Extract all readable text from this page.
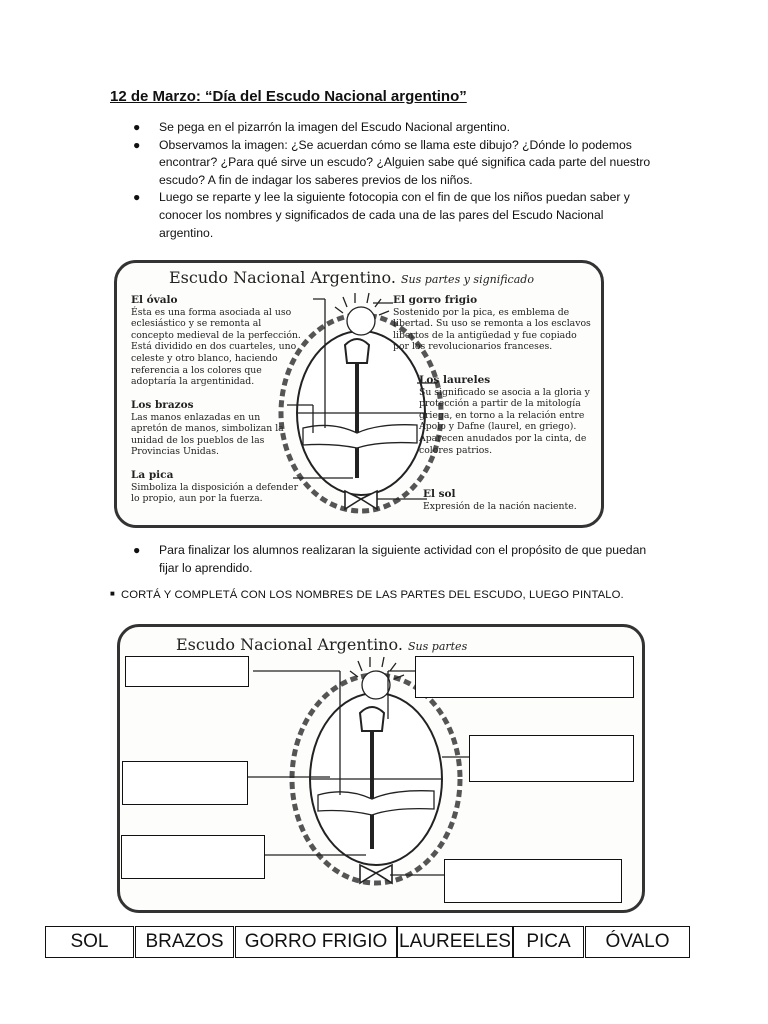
12 de Marzo: “Día del Escudo Nacional argentino”
● Se pega en el pizarrón la imagen del Escudo Nacional argentino.
● Observamos la imagen: ¿Se acuerdan cómo se llama este dibujo? ¿Dónde lo podemos encontrar? ¿Para qué sirve un escudo? ¿Alguien sabe qué significa cada parte del nuestro escudo? A fin de indagar los saberes previos de los niños.
● Luego se reparte y lee la siguiente fotocopia con el fin de que los niños puedan saber y conocer los nombres y significados de cada una de las pares del Escudo Nacional argentino.
Escudo Nacional Argentino. Sus partes y significado
El óvalo
Ésta es una forma asociada al uso eclesiástico y se remonta al concepto medieval de la perfección. Está dividido en dos cuarteles, uno celeste y otro blanco, haciendo referencia a los colores que adoptaría la argentinidad.
Los brazos
Las manos enlazadas en un apretón de manos, simbolizan la unidad de los pueblos de las Provincias Unidas.
La pica
Simboliza la disposición a defender lo propio, aun por la fuerza.
El gorro frigio
Sostenido por la pica, es emblema de libertad. Su uso se remonta a los esclavos libertos de la antigüedad y fue copiado por los revolucionarios franceses.
Los laureles
Su significado se asocia a la gloria y protección a partir de la mitología griega, en torno a la relación entre Apolo y Dafne (laurel, en griego). Aparecen anudados por la cinta, de colores patrios.
El sol
Expresión de la nación naciente.
● Para finalizar los alumnos realizaran la siguiente actividad con el propósito de que puedan fijar lo aprendido.
■ CORTÁ Y COMPLETÁ CON LOS NOMBRES DE LAS PARTES DEL ESCUDO, LUEGO PINTALO.
Escudo Nacional Argentino. Sus partes
SOL	BRAZOS	GORRO FRIGIO LAUREELES PICA	ÓVALO
